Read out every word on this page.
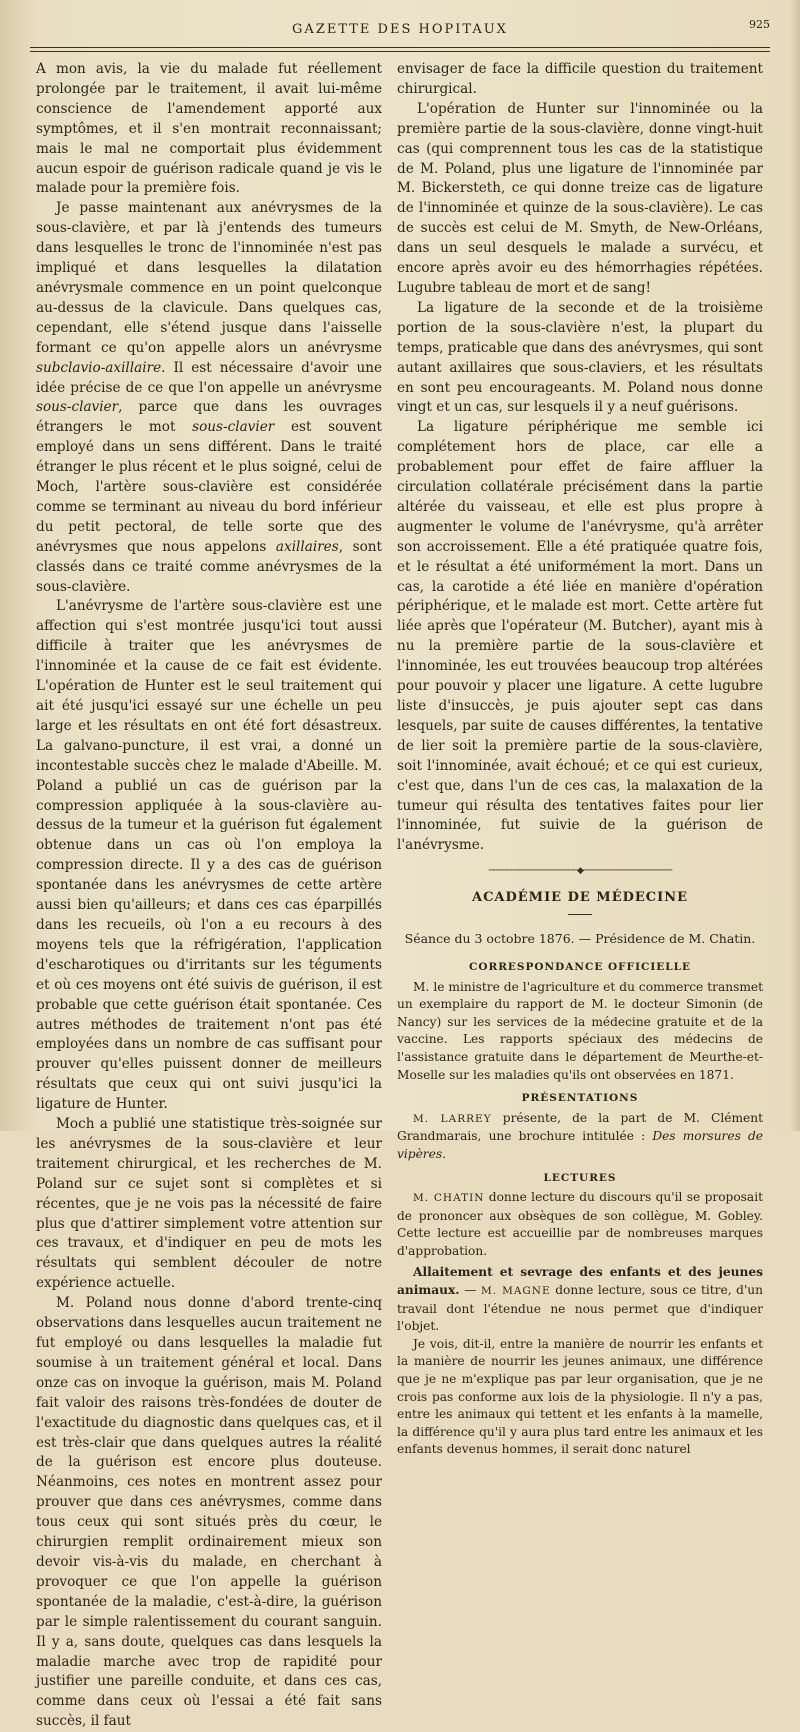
GAZETTE DES HOPITAUX	925

A mon avis, la vie du malade fut réellement prolongée par le traitement, il avait lui-même conscience de l'amendement apporté aux symptômes, et il s'en montrait reconnaissant; mais le mal ne comportait plus évidemment aucun espoir de guérison radicale quand je vis le malade pour la première fois.

Je passe maintenant aux anévrysmes de la sous-clavière, et par là j'entends des tumeurs dans lesquelles le tronc de l'innominée n'est pas impliqué et dans lesquelles la dilatation anévrysmale commence en un point quelconque au-dessus de la clavicule. Dans quelques cas, cependant, elle s'étend jusque dans l'aisselle formant ce qu'on appelle alors un anévrysme subclavio-axillaire. Il est nécessaire d'avoir une idée précise de ce que l'on appelle un anévrysme sous-clavier, parce que dans les ouvrages étrangers le mot sous-clavier est souvent employé dans un sens différent. Dans le traité étranger le plus récent et le plus soigné, celui de Moch, l'artère sous-clavière est considérée comme se terminant au niveau du bord inférieur du petit pectoral, de telle sorte que des anévrysmes que nous appelons axillaires, sont classés dans ce traité comme anévrysmes de la sous-clavière.

L'anévrysme de l'artère sous-clavière est une affection qui s'est montrée jusqu'ici tout aussi difficile à traiter que les anévrysmes de l'innominée et la cause de ce fait est évidente. L'opération de Hunter est le seul traitement qui ait été jusqu'ici essayé sur une échelle un peu large et les résultats en ont été fort désastreux. La galvano-puncture, il est vrai, a donné un incontestable succès chez le malade d'Abeille. M. Poland a publié un cas de guérison par la compression appliquée à la sous-clavière au-dessus de la tumeur et la guérison fut également obtenue dans un cas où l'on employa la compression directe. Il y a des cas de guérison spontanée dans les anévrysmes de cette artère aussi bien qu'ailleurs; et dans ces cas éparpillés dans les recueils, où l'on a eu recours à des moyens tels que la réfrigération, l'application d'escharotiques ou d'irritants sur les téguments et où ces moyens ont été suivis de guérison, il est probable que cette guérison était spontanée. Ces autres méthodes de traitement n'ont pas été employées dans un nombre de cas suffisant pour prouver qu'elles puissent donner de meilleurs résultats que ceux qui ont suivi jusqu'ici la ligature de Hunter.

Moch a publié une statistique très-soignée sur les anévrysmes de la sous-clavière et leur traitement chirurgical, et les recherches de M. Poland sur ce sujet sont si complètes et si récentes, que je ne vois pas la nécessité de faire plus que d'attirer simplement votre attention sur ces travaux, et d'indiquer en peu de mots les résultats qui semblent découler de notre expérience actuelle.

M. Poland nous donne d'abord trente-cinq observations dans lesquelles aucun traitement ne fut employé ou dans lesquelles la maladie fut soumise à un traitement général et local. Dans onze cas on invoque la guérison, mais M. Poland fait valoir des raisons très-fondées de douter de l'exactitude du diagnostic dans quelques cas, et il est très-clair que dans quelques autres la réalité de la guérison est encore plus douteuse. Néanmoins, ces notes en montrent assez pour prouver que dans ces anévrysmes, comme dans tous ceux qui sont situés près du cœur, le chirurgien remplit ordinairement mieux son devoir vis-à-vis du malade, en cherchant à provoquer ce que l'on appelle la guérison spontanée de la maladie, c'est-à-dire, la guérison par le simple ralentissement du courant sanguin. Il y a, sans doute, quelques cas dans lesquels la maladie marche avec trop de rapidité pour justifier une pareille conduite, et dans ces cas, comme dans ceux où l'essai a été fait sans succès, il faut

envisager de face la difficile question du traitement chirurgical.

L'opération de Hunter sur l'innominée ou la première partie de la sous-clavière, donne vingt-huit cas (qui comprennent tous les cas de la statistique de M. Poland, plus une ligature de l'innominée par M. Bickersteth, ce qui donne treize cas de ligature de l'innominée et quinze de la sous-clavière). Le cas de succès est celui de M. Smyth, de New-Orléans, dans un seul desquels le malade a survécu, et encore après avoir eu des hémorrhagies répétées. Lugubre tableau de mort et de sang!

La ligature de la seconde et de la troisième portion de la sous-clavière n'est, la plupart du temps, praticable que dans des anévrysmes, qui sont autant axillaires que sous-claviers, et les résultats en sont peu encourageants. M. Poland nous donne vingt et un cas, sur lesquels il y a neuf guérisons.

La ligature périphérique me semble ici complétement hors de place, car elle a probablement pour effet de faire affluer la circulation collatérale précisément dans la partie altérée du vaisseau, et elle est plus propre à augmenter le volume de l'anévrysme, qu'à arrêter son accroissement. Elle a été pratiquée quatre fois, et le résultat a été uniformément la mort. Dans un cas, la carotide a été liée en manière d'opération périphérique, et le malade est mort. Cette artère fut liée après que l'opérateur (M. Butcher), ayant mis à nu la première partie de la sous-clavière et l'innominée, les eut trouvées beaucoup trop altérées pour pouvoir y placer une ligature. A cette lugubre liste d'insuccès, je puis ajouter sept cas dans lesquels, par suite de causes différentes, la tentative de lier soit la première partie de la sous-clavière, soit l'innominée, avait échoué; et ce qui est curieux, c'est que, dans l'un de ces cas, la malaxation de la tumeur qui résulta des tentatives faites pour lier l'innominée, fut suivie de la guérison de l'anévrysme.

────────────────────◆────────────────────
ACADÉMIE DE MÉDECINE
Séance du 3 octobre 1876. — Présidence de M. Chatin.
CORRESPONDANCE OFFICIELLE

M. le ministre de l'agriculture et du commerce transmet un exemplaire du rapport de M. le docteur Simonin (de Nancy) sur les services de la médecine gratuite et de la vaccine. Les rapports spéciaux des médecins de l'assistance gratuite dans le département de Meurthe-et-Moselle sur les maladies qu'ils ont observées en 1871.

PRÉSENTATIONS

M. LARREY présente, de la part de M. Clément Grandmarais, une brochure intitulée : Des morsures de vipères.

LECTURES

M. CHATIN donne lecture du discours qu'il se proposait de prononcer aux obsèques de son collègue, M. Gobley. Cette lecture est accueillie par de nombreuses marques d'approbation.

Allaitement et sevrage des enfants et des jeunes animaux. — M. MAGNE donne lecture, sous ce titre, d'un travail dont l'étendue ne nous permet que d'indiquer l'objet.

Je vois, dit-il, entre la manière de nourrir les enfants et la manière de nourrir les jeunes animaux, une différence que je ne m'explique pas par leur organisation, que je ne crois pas conforme aux lois de la physiologie. Il n'y a pas, entre les animaux qui tettent et les enfants à la mamelle, la différence qu'il y aura plus tard entre les animaux et les enfants devenus hommes, il serait donc naturel
